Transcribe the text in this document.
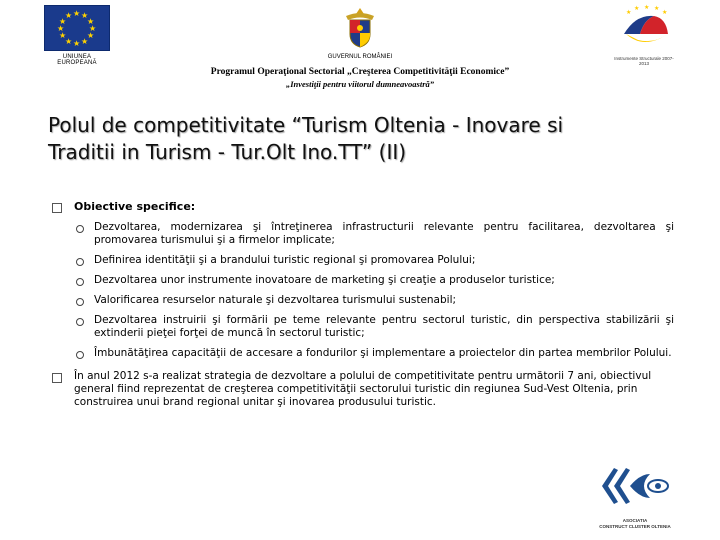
★ ★
★
★
★
★
★
★
★
★
★
★
UNIUNEA EUROPEANĂ
GUVERNUL ROMÂNIEI
★
★ ★ ★
★
Instrumente Structurale 2007-2013
Programul Operaţional Sectorial „Creşterea Competitivităţii Economice”
„Investiţii pentru viitorul dumneavoastră”
Polul de competitivitate “Turism Oltenia - Inovare si
Traditii in Turism - Tur.Olt Ino.TT” (II)
Obiective specifice:
Dezvoltarea, modernizarea şi întreţinerea infrastructurii relevante pentru facilitarea, dezvoltarea şi promovarea turismului şi a firmelor implicate;
Definirea identităţii şi a brandului turistic regional şi promovarea Polului;
Dezvoltarea unor instrumente inovatoare de marketing şi creaţie a produselor turistice;
Valorificarea resurselor naturale şi dezvoltarea turismului sustenabil;
Dezvoltarea instruirii şi formării pe teme relevante pentru sectorul turistic, din perspectiva stabilizării şi extinderii pieţei forţei de muncă în sectorul turistic;
Îmbunătăţirea capacităţii de accesare a fondurilor şi implementare a proiectelor din partea membrilor Polului.
În anul 2012 s-a realizat strategia de dezvoltare a polului de competitivitate pentru următorii 7 ani, obiectivul general fiind reprezentat de creşterea competitivităţii sectorului turistic din regiunea Sud-Vest Oltenia, prin construirea unui brand regional unitar şi inovarea produsului turistic.
ASOCIATIA
CONSTRUCT CLUSTER OLTENIA
